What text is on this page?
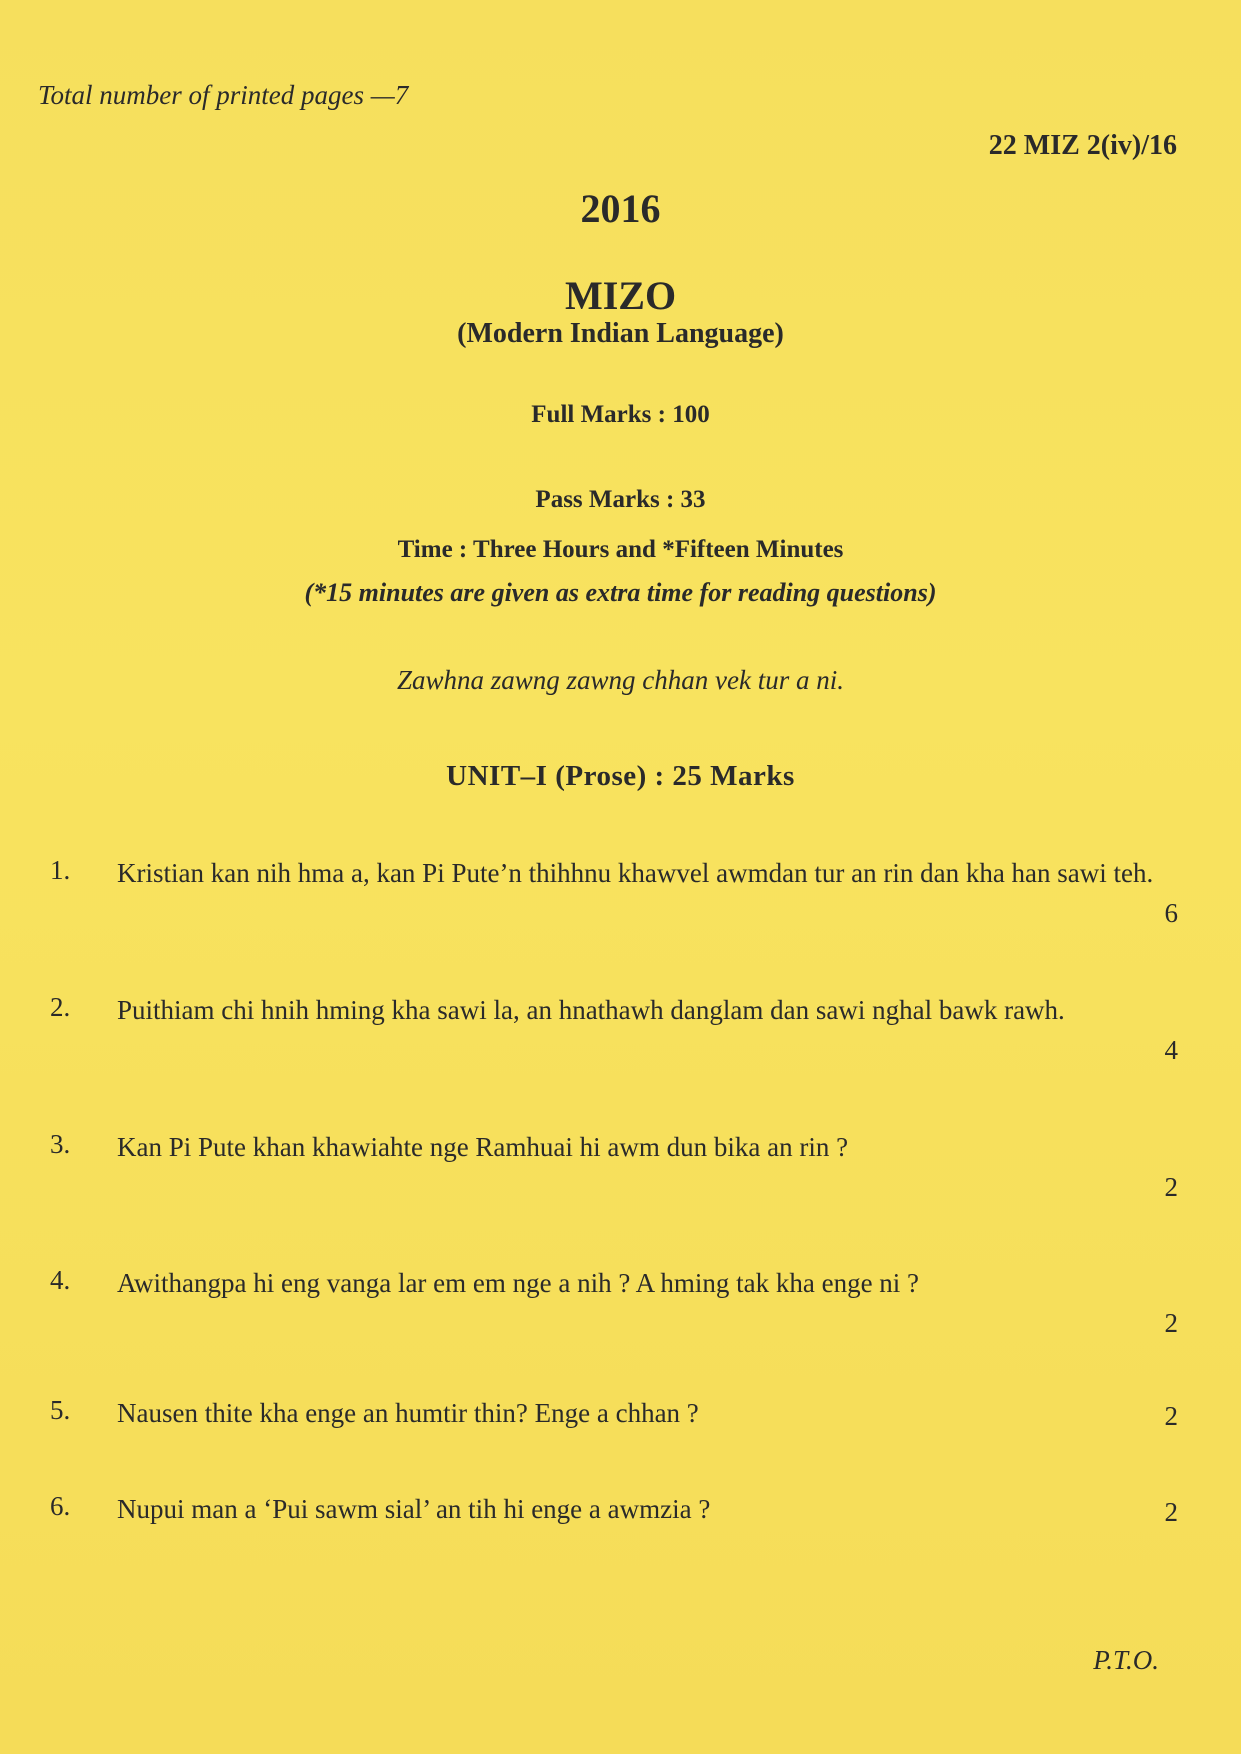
Total number of printed pages —7
22 MIZ 2(iv)/16
2016
MIZO
(Modern Indian Language)
Full Marks : 100
Pass Marks : 33
Time : Three Hours and *Fifteen Minutes
(*15 minutes are given as extra time for reading questions)
Zawhna zawng zawng chhan vek tur a ni.
UNIT–I (Prose) : 25 Marks
1. Kristian kan nih hma a, kan Pi Pute’n thihhnu khawvel awmdan tur an rin dan kha han sawi teh.
6
2. Puithiam chi hnih hming kha sawi la, an hnathawh danglam dan sawi nghal bawk rawh.
4
3. Kan Pi Pute khan khawiahte nge Ramhuai hi awm dun bika an rin ?
2
4. Awithangpa hi eng vanga lar em em nge a nih ? A hming tak kha enge ni ?
2
5. Nausen thite kha enge an humtir thin? Enge a chhan ?	2
6. Nupui man a ‘Pui sawm sial’ an tih hi enge a awmzia ?	2
P.T.O.
